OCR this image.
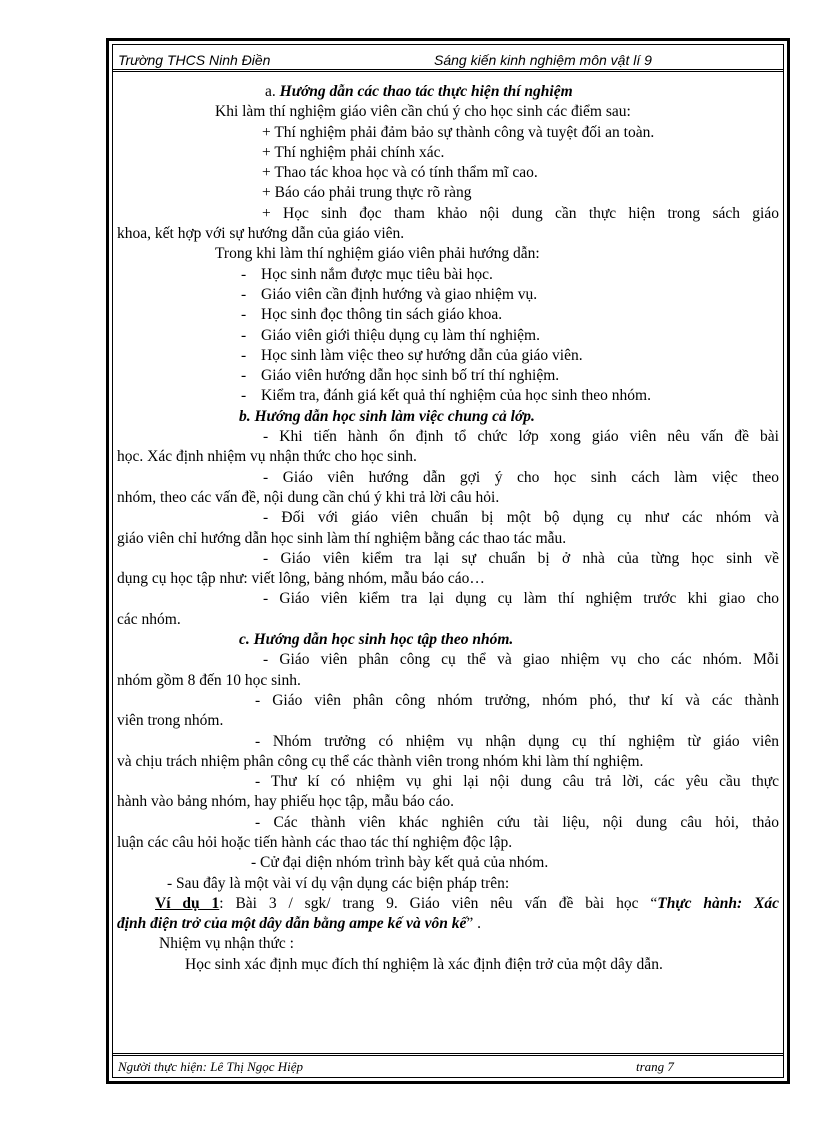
Trường THCS Ninh Điền	Sáng kiến kinh nghiệm môn vật lí 9
a. Hướng dẫn các thao tác thực hiện thí nghiệm
Khi làm thí nghiệm giáo viên cần chú ý cho học sinh các điểm sau:
+ Thí nghiệm phải đảm bảo sự thành công và tuyệt đối an toàn.
+ Thí nghiệm phải chính xác.
+ Thao tác khoa học và có tính thẩm mĩ cao.
+ Báo cáo phải trung thực rõ ràng
+ Học sinh đọc tham khảo nội dung cần thực hiện trong sách giáo
khoa, kết hợp với sự hướng dẫn của giáo viên.
Trong khi làm thí nghiệm giáo viên phải hướng dẫn:
- Học sinh nắm được mục tiêu bài học.
- Giáo viên cần định hướng và giao nhiệm vụ.
- Học sinh đọc thông tin sách giáo khoa.
- Giáo viên giới thiệu dụng cụ làm thí nghiệm.
- Học sinh làm việc theo sự hướng dẫn của giáo viên.
- Giáo viên hướng dẫn học sinh bố trí thí nghiệm.
- Kiểm tra, đánh giá kết quả thí nghiệm của học sinh theo nhóm.
b. Hướng dẫn học sinh làm việc chung cả lớp.
- Khi tiến hành ổn định tổ chức lớp xong giáo viên nêu vấn đề bài
học. Xác định nhiệm vụ nhận thức cho học sinh.
- Giáo viên hướng dẫn gợi ý cho học sinh cách làm việc theo
nhóm, theo các vấn đề, nội dung cần chú ý khi trả lời câu hỏi.
- Đối với giáo viên chuẩn bị một bộ dụng cụ như các nhóm và
giáo viên chỉ hướng dẫn học sinh làm thí nghiệm bằng các thao tác mẫu.
- Giáo viên kiểm tra lại sự chuẩn bị ở nhà của từng học sinh về
dụng cụ học tập như: viết lông, bảng nhóm, mẫu báo cáo…
- Giáo viên kiểm tra lại dụng cụ làm thí nghiệm trước khi giao cho
các nhóm.
c. Hướng dẫn học sinh học tập theo nhóm.
- Giáo viên phân công cụ thể và giao nhiệm vụ cho các nhóm. Mỗi
nhóm gồm 8 đến 10 học sinh.
- Giáo viên phân công nhóm trưởng, nhóm phó, thư kí và các thành
viên trong nhóm.
- Nhóm trưởng có nhiệm vụ nhận dụng cụ thí nghiệm từ giáo viên
và chịu trách nhiệm phân công cụ thể các thành viên trong nhóm khi làm thí nghiệm.
- Thư kí có nhiệm vụ ghi lại nội dung câu trả lời, các yêu cầu thực
hành vào bảng nhóm, hay phiếu học tập, mẫu báo cáo.
- Các thành viên khác nghiên cứu tài liệu, nội dung câu hỏi, thảo
luận các câu hỏi hoặc tiến hành các thao tác thí nghiệm độc lập.
- Cử đại diện nhóm trình bày kết quả của nhóm.
- Sau đây là một vài ví dụ vận dụng các biện pháp trên:
Ví dụ 1: Bài 3 / sgk/ trang 9. Giáo viên nêu vấn đề bài học “Thực hành: Xác
định điện trở của một dây dẫn bằng ampe kế và vôn kế” .
Nhiệm vụ nhận thức :
Học sinh xác định mục đích thí nghiệm là xác định điện trở của một dây dẫn.
Người thực hiện: Lê Thị Ngọc Hiệp	trang 7
